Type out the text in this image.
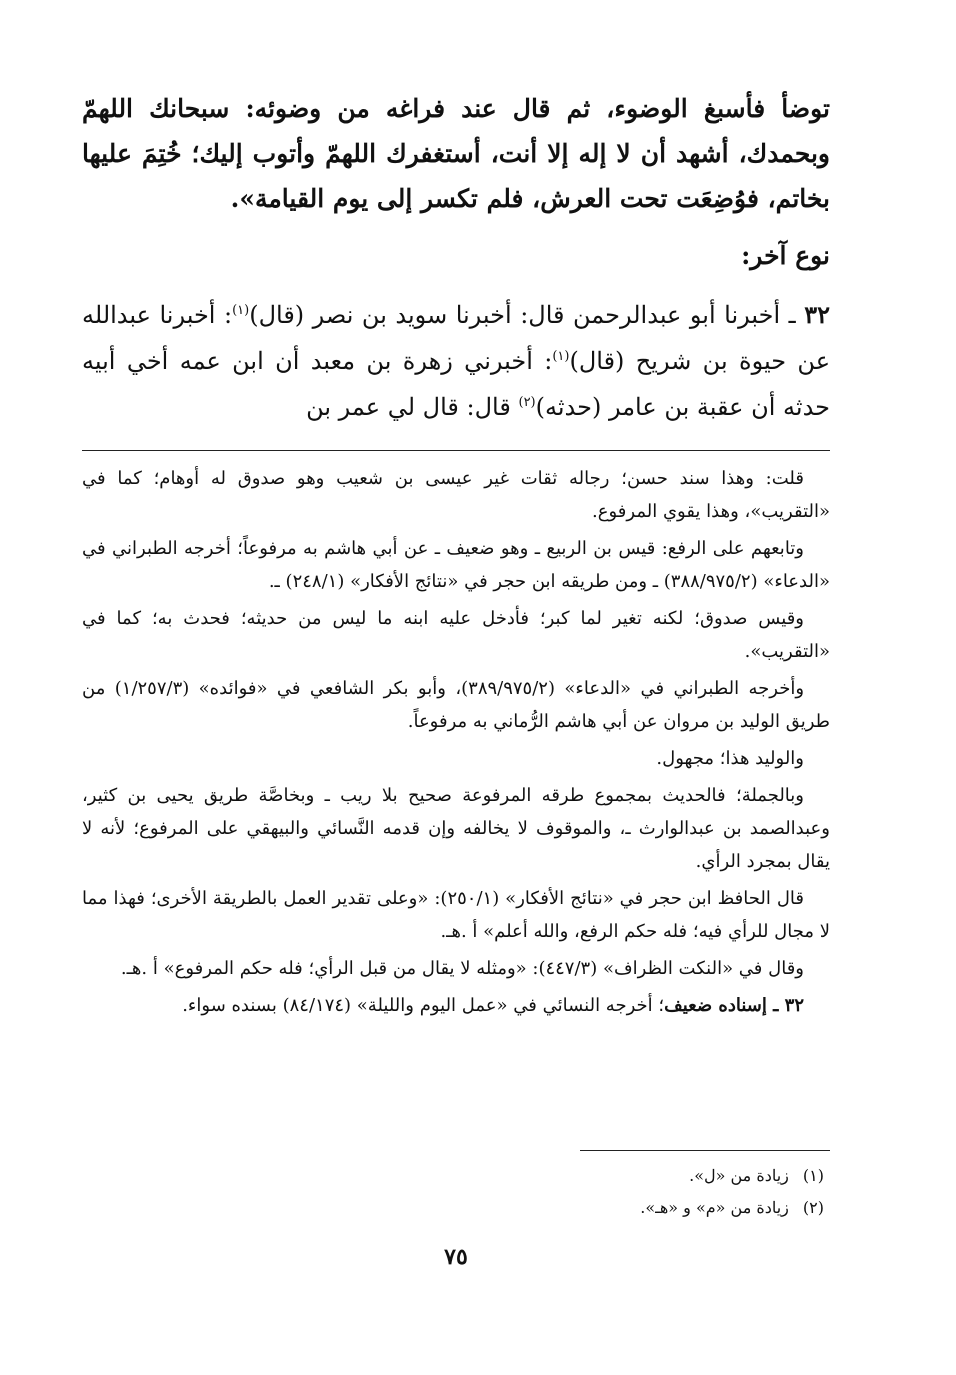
توضأ فأسبغ الوضوء، ثم قال عند فراغه من وضوئه: سبحانك اللهمّ وبحمدك، أشهد أن لا إله إلا أنت، أستغفرك اللهمّ وأتوب إليك؛ خُتِمَ عليها بخاتم، فوُضِعَت تحت العرش، فلم تكسر إلى يوم القيامة».

نوع آخر:

٣٢ ـ أخبرنا أبو عبدالرحمن قال: أخبرنا سويد بن نصر (قال)$^{(١)}$: أخبرنا عبدالله عن حيوة بن شريح (قال)$^{(١)}$: أخبرني زهرة بن معبد أن ابن عمه أخي أبيه حدثه أن عقبة بن عامر (حدثه)$^{(٢)}$ قال: قال لي عمر بن

قلت: وهذا سند حسن؛ رجاله ثقات غير عيسى بن شعيب وهو صدوق له أوهام؛ كما في «التقريب»، وهذا يقوي المرفوع.

وتابعهم على الرفع: قيس بن الربيع ـ وهو ضعيف ـ عن أبي هاشم به مرفوعاً؛ أخرجه الطبراني في «الدعاء» (٣٨٨/٩٧٥/٢) ـ ومن طريقه ابن حجر في «نتائج الأفكار» (٢٤٨/١) ـ.

وقيس صدوق؛ لكنه تغير لما كبر؛ فأدخل عليه ابنه ما ليس من حديثه؛ فحدث به؛ كما في «التقريب».

وأخرجه الطبراني في «الدعاء» (٣٨٩/٩٧٥/٢)، وأبو بكر الشافعي في «فوائده» (١/٢٥٧/٣) من طريق الوليد بن مروان عن أبي هاشم الرُّماني به مرفوعاً.

والوليد هذا؛ مجهول.

وبالجملة؛ فالحديث بمجموع طرقه المرفوعة صحيح بلا ريب ـ وبخاصَّة طريق يحيى بن كثير، وعبدالصمد بن عبدالوارث ـ، والموقوف لا يخالفه وإن قدمه النَّسائي والبيهقي على المرفوع؛ لأنه لا يقال بمجرد الرأي.

قال الحافظ ابن حجر في «نتائج الأفكار» (٢٥٠/١): «وعلى تقدير العمل بالطريقة الأخرى؛ فهذا مما لا مجال للرأي فيه؛ فله حكم الرفع، والله أعلم» أ .هـ.

وقال في «النكت الظراف» (٤٤٧/٣): «ومثله لا يقال من قبل الرأي؛ فله حكم المرفوع» أ .هـ.

٣٢ ـ إسناده ضعيف؛ أخرجه النسائي في «عمل اليوم والليلة» (٨٤/١٧٤) بسنده سواء.

(١)
زيادة من «ل».
(٢)
زيادة من «م» و «هـ».
٧٥
